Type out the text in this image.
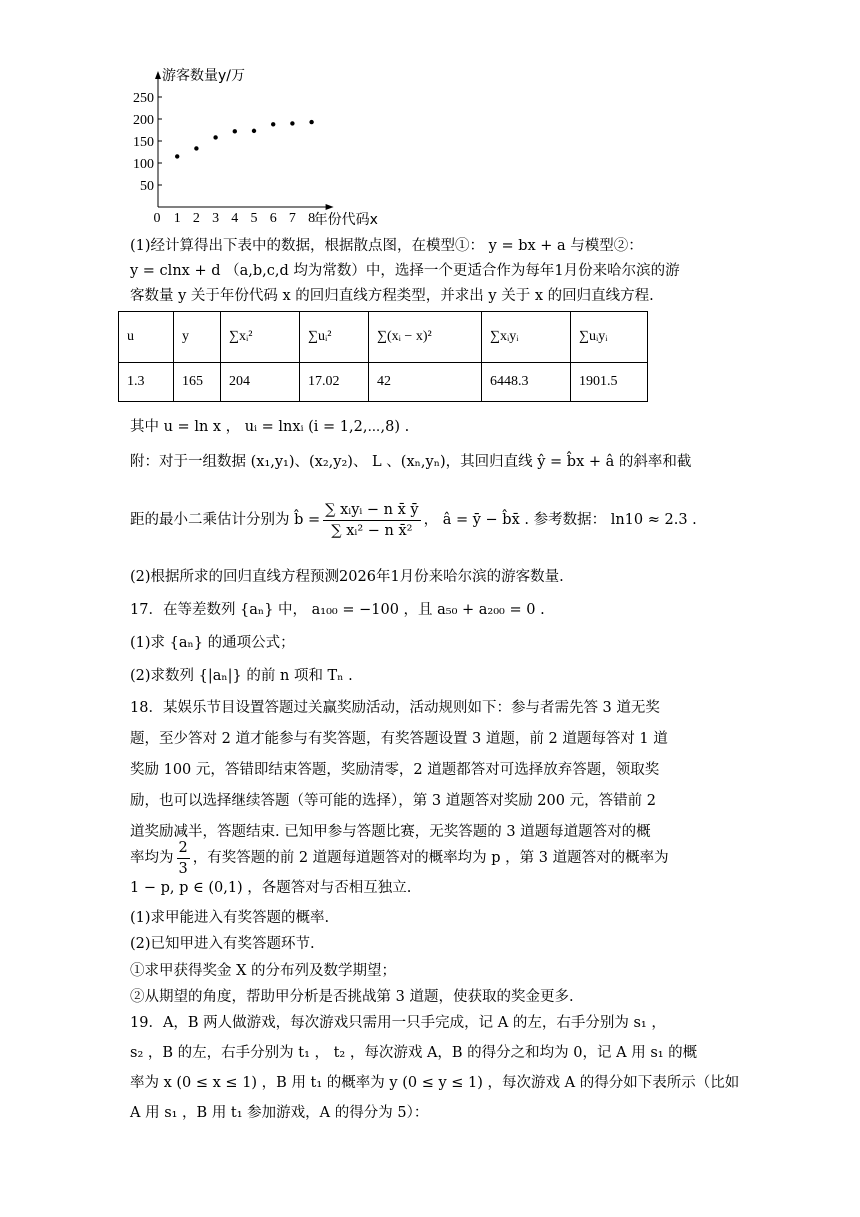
50
100
150
200
250
0 1 2 3 4 5 6 7 8
游客数量y/万
年份代码x
(1)经计算得出下表中的数据，根据散点图，在模型①： y = bx + a 与模型②：
y = clnx + d （a,b,c,d 均为常数）中，选择一个更适合作为每年1月份来哈尔滨的游
客数量 y 关于年份代码 x 的回归直线方程类型，并求出 y 关于 x 的回归直线方程.
u	y	∑xᵢ²	∑uᵢ²	∑(xᵢ − x)²	∑xᵢyᵢ	∑uᵢyᵢ
1.3	165	204	17.02	42	6448.3	1901.5
其中 u = ln x ， uᵢ = lnxᵢ (i = 1,2,⋯,8) .
附：对于一组数据 (x₁,y₁)、(x₂,y₂)、 L 、(xₙ,yₙ)，其回归直线 ŷ = b̂x + â 的斜率和截
距的最小二乘估计分别为 b̂ = $\frac{\text{∑ xᵢyᵢ − n x̄ ȳ}}{\text{∑ xᵢ² − n x̄²}}$ ， â = ȳ − b̂x̄ . 参考数据： ln10 ≈ 2.3 .
(2)根据所求的回归直线方程预测2026年1月份来哈尔滨的游客数量.
17．在等差数列 {aₙ} 中， a₁₀₀ = −100 ，且 a₅₀ + a₂₀₀ = 0 .
(1)求 {aₙ} 的通项公式；
(2)求数列 {|aₙ|} 的前 n 项和 Tₙ .
18．某娱乐节目设置答题过关赢奖励活动，活动规则如下：参与者需先答 3 道无奖
题，至少答对 2 道才能参与有奖答题，有奖答题设置 3 道题，前 2 道题每答对 1 道
奖励 100 元，答错即结束答题，奖励清零，2 道题都答对可选择放弃答题，领取奖
励，也可以选择继续答题（等可能的选择），第 3 道题答对奖励 200 元，答错前 2
道奖励减半，答题结束. 已知甲参与答题比赛，无奖答题的 3 道题每道题答对的概
率均为 $\frac{2}{3}$ ，有奖答题的前 2 道题每道题答对的概率均为 p ，第 3 道题答对的概率为
1 − p, p ∈ (0,1) ，各题答对与否相互独立.
(1)求甲能进入有奖答题的概率.
(2)已知甲进入有奖答题环节.
①求甲获得奖金 X 的分布列及数学期望；
②从期望的角度，帮助甲分析是否挑战第 3 道题，使获取的奖金更多.
19．A，B 两人做游戏，每次游戏只需用一只手完成，记 A 的左，右手分别为 s₁ ，
s₂ ，B 的左，右手分别为 t₁ ， t₂ ，每次游戏 A，B 的得分之和均为 0，记 A 用 s₁ 的概
率为 x (0 ≤ x ≤ 1) ，B 用 t₁ 的概率为 y (0 ≤ y ≤ 1) ，每次游戏 A 的得分如下表所示（比如
A 用 s₁ ，B 用 t₁ 参加游戏，A 的得分为 5）：
